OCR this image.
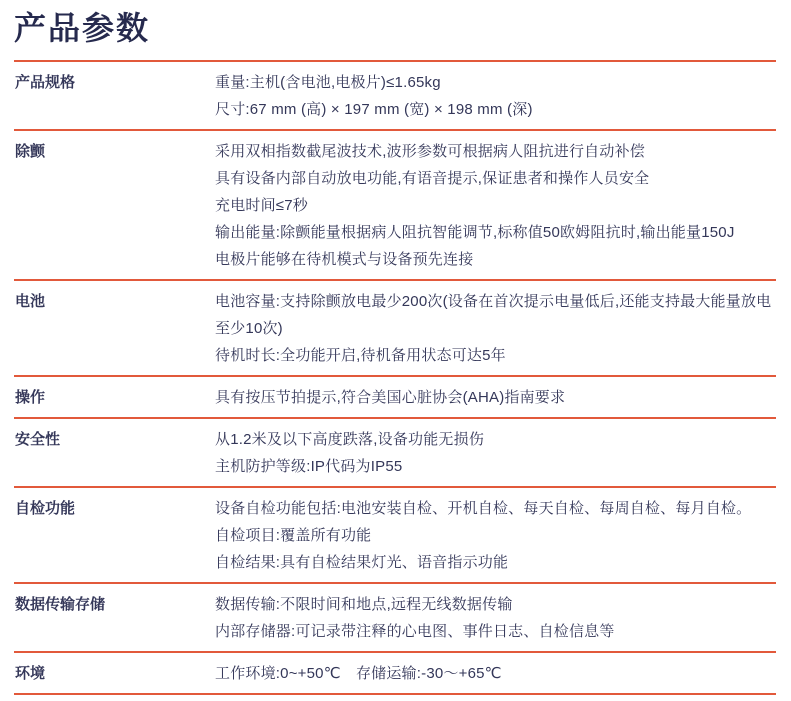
产品参数
产品规格	重量:主机(含电池,电极片)≤1.65kg
尺寸:67 mm (高) × 197 mm (宽) × 198 mm (深)
除颤	采用双相指数截尾波技术,波形参数可根据病人阻抗进行自动补偿
具有设备内部自动放电功能,有语音提示,保证患者和操作人员安全
充电时间≤7秒
输出能量:除颤能量根据病人阻抗智能调节,标称值50欧姆阻抗时,输出能量150J
电极片能够在待机模式与设备预先连接
电池	电池容量:支持除颤放电最少200次(设备在首次提示电量低后,还能支持最大能量放电至少10次)
待机时长:全功能开启,待机备用状态可达5年
操作	具有按压节拍提示,符合美国心脏协会(AHA)指南要求
安全性	从1.2米及以下高度跌落,设备功能无损伤
主机防护等级:IP代码为IP55
自检功能	设备自检功能包括:电池安装自检、开机自检、每天自检、每周自检、每月自检。
自检项目:覆盖所有功能
自检结果:具有自检结果灯光、语音指示功能
数据传输存储	数据传输:不限时间和地点,远程无线数据传输
内部存储器:可记录带注释的心电图、事件日志、自检信息等
环境	工作环境:0~+50℃　存储运输:-30～+65℃
